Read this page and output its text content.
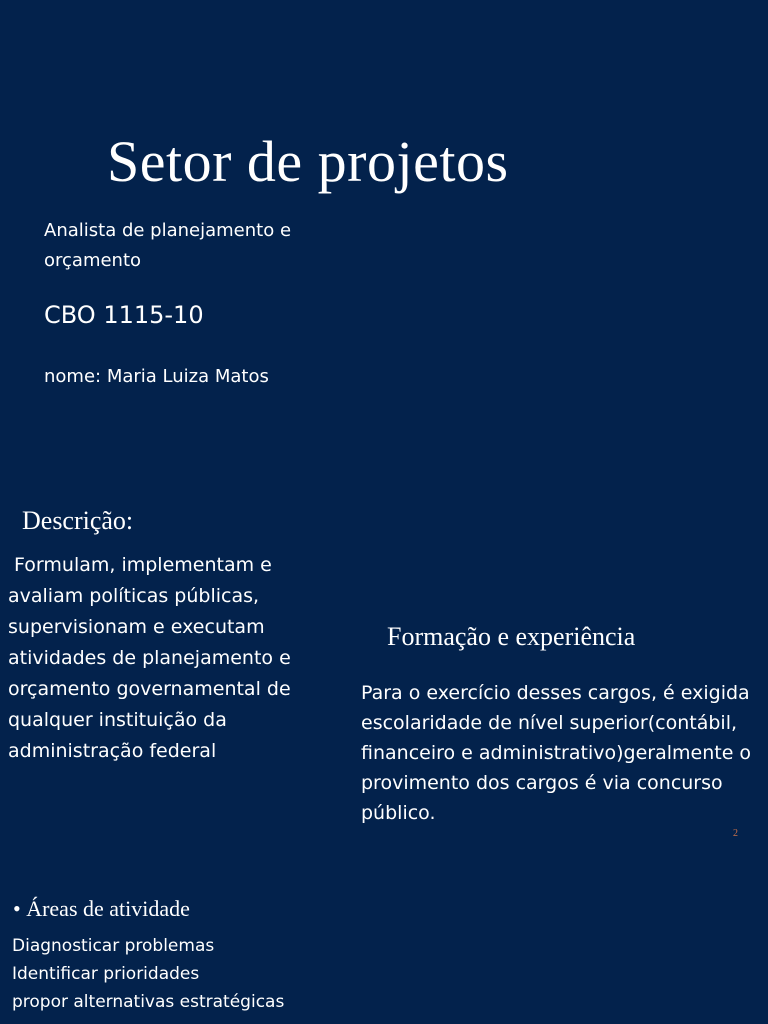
Setor de projetos
Analista de planejamento e orçamento
CBO 1115-10
nome: Maria Luiza Matos
Descrição:
Formulam, implementam e avaliam políticas públicas, supervisionam e executam atividades de planejamento e orçamento governamental de qualquer instituição da administração federal
Formação e experiência
Para o exercício desses cargos, é exigida escolaridade de nível superior(contábil, financeiro e administrativo)geralmente o provimento dos cargos é via concurso público.
2
• Áreas de atividade
Diagnosticar problemas
Identificar prioridades
propor alternativas estratégicas
